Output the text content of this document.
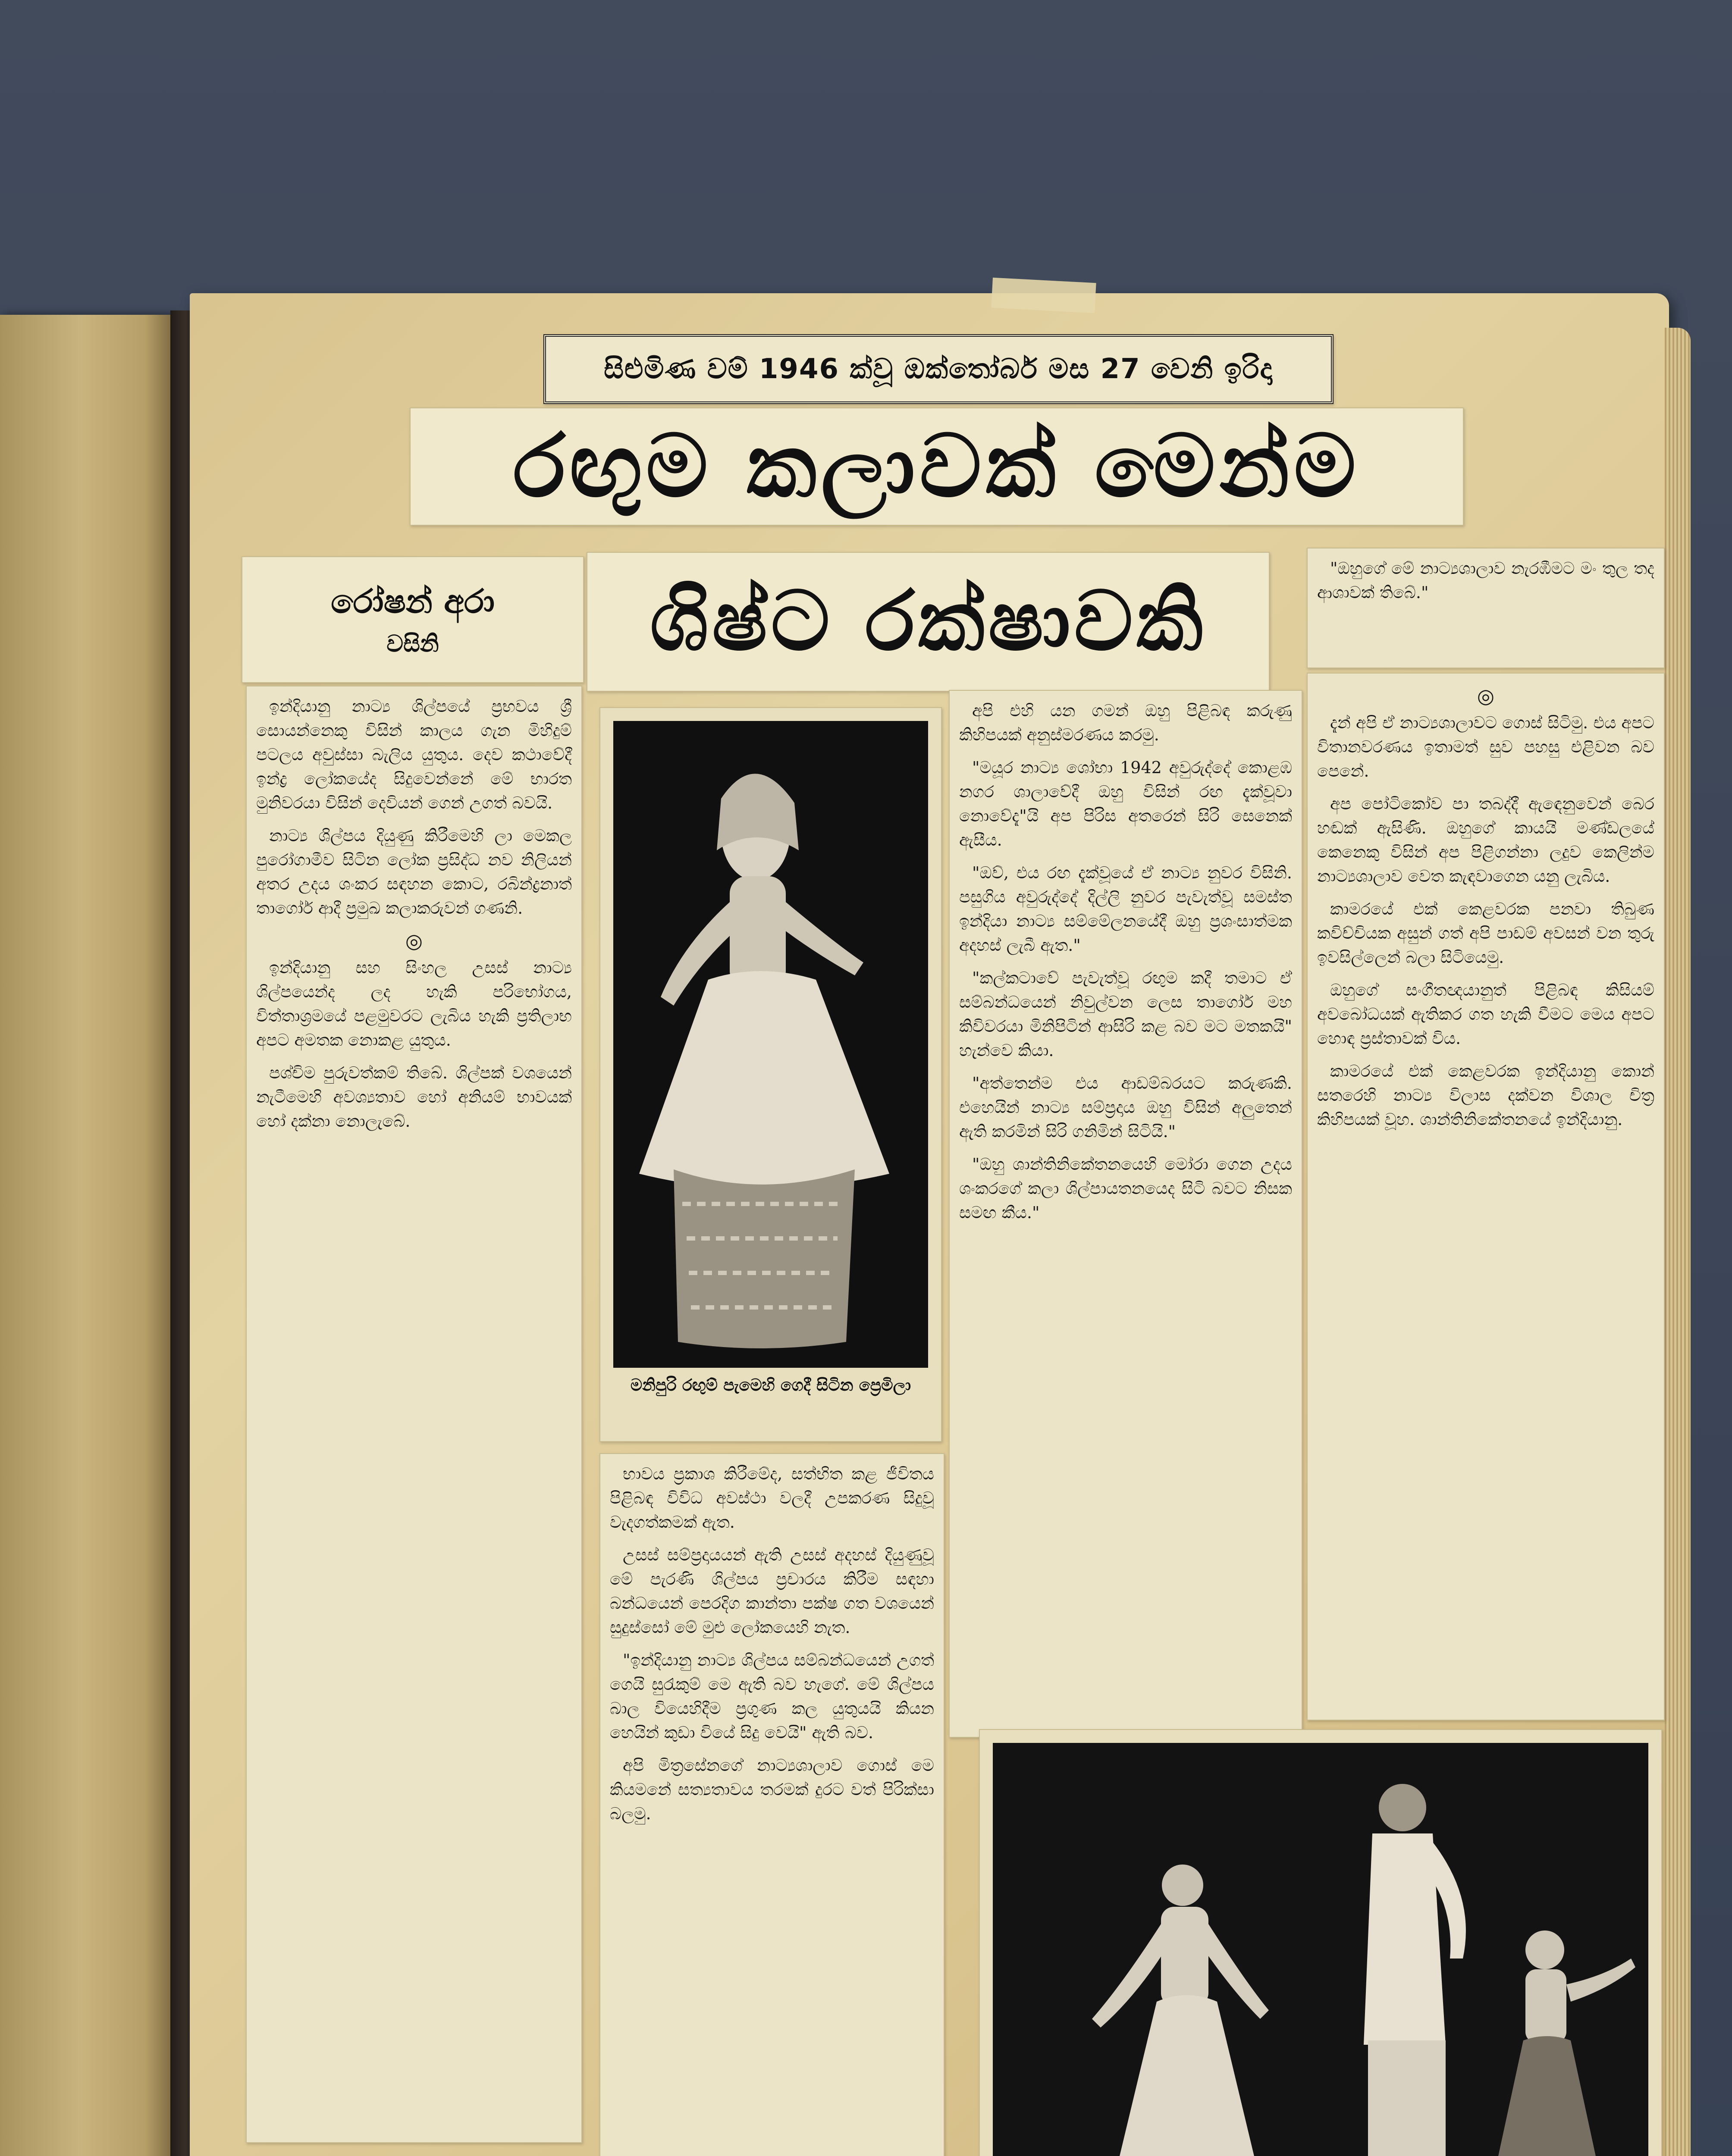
සිළුමිණ වම් 1946 ක්වූ ඔක්තෝබර් මස 27 වෙනි ඉරිදා
රඟුම කලාවක් මෙන්ම
රෝෂන් අරා
වසිනි	ශිෂ්ට රක්ෂාවකි

"ඔහුගේ මේ නාට්‍යශාලාව නැරඹීමට මං තුල තද ආශාවක් තිබේ."

ඉන්දියානු නාට්‍ය ශිල්පයේ ප්‍රභවය ශ්‍රී සොයන්නෙකු විසින් කාලය ගැන මිහිදුම් පටලය අවුස්සා බැලිය යුතුය. දෙව කථාවේදී ඉන්ද්‍ර ලෝකයේද සිදුවෙන්නේ මේ භාරත මුනිවරයා විසින් දෙවියන් ගෙන් උගත් බවයි.

නාට්‍ය ශිල්පය දියුණු කිරීමෙහි ලා මෙකල පුරෝගාමීව සිටින ලෝක ප්‍රසිද්ධ නව නිලියන් අතර උදය ශංකර සඳහන කොට, රබින්ද්‍රනාත් තාගෝර් ආදී ප්‍රමුඛ කලාකරුවන් ගණනි.

◎

ඉන්දියානු සහ සිංහල උසස් නාට්‍ය ශිල්පයෙන්ද ලද හැකි පරිභෝගය, විත්තාශ්‍රමයේ පළමුවරට ලැබිය හැකි ප්‍රතිලාභ අපට අමතක නොකළ යුතුය.

පශ්චිම පුරුවත්කම් තිබේ. ශිල්පක් වශයෙන් නැටීමෙහි අවශ්‍යතාව හෝ අනියම් භාවයක් හෝ දක්නා නොලැබේ.

මනිපුරි රඟුම් පැමෙහි ගෙදී සිටින ප්‍රෙමිලා

භාවය ප්‍රකාශ කිරීමේද, සත්භිත කළ ජීවිතය පිළිබඳ විවිධ අවස්ථා වලදී උපකරණ සිදුවූ වැදගත්කමක් ඇත.

උසස් සම්ප්‍රදායයන් ඇති උසස් අදහස් දියුණුවූ මේ පැරණි ශිල්පය ප්‍රචාරය කිරීම සඳහා බන්ධයෙන් පෙරදිග කාන්තා පක්ෂ ගත වශයෙන් සුදුස්සෝ මේ මුළු ලෝකයෙහි නැත.

"ඉන්දියානු නාට්‍ය ශිල්පය සම්බන්ධයෙන් උගත් ගෙයි සුරැකුම් මෙ ඇති බව හැගේ. මේ ශිල්පය බාල වියෙහිදීම ප්‍රගුණ කල යුතුයයි කියන හෙයින් කුඩා වියේ සිදු වෙයි" ඇති බව.

අපි මිත්‍රසේනගේ නාට්‍යශාලාව ගොස් මෙ කියමනේ සත්‍යතාවය තරමක් දුරට වත් පිරික්සා බලමු.

අපි එහි යන ගමන් ඔහු පිළිබඳ කරුණු කිහිපයක් අනුස්මරණය කරමු.

"මයූර නාට්‍ය ශෝභා 1942 අවුරුද්දේ කොළඹ නගර ශාලාවේදී ඔහු විසින් රඟ දැක්වූවා නොවේදැ"යි අප පිරිස අතරෙන් සිරි සෙනෙක් ඇසීය.

"ඔව්, එය රඟ දැක්වූයේ ඒ නාට්‍ය නුවර විසිනි. පසුගිය අවුරුද්දේ දිල්ලි නුවර පැවැත්වූ සමස්ත ඉන්දියා නාට්‍ය සම්මේලනයේදී ඔහු ප්‍රශංසාත්මක අදහස් ලැබී ඇත."

"කල්කටාවේ පැවැත්වූ රඟුම කදී තමාට ඒ සම්බන්ධයෙන් නිවුල්වන ලෙස තාගෝර් මහ කිවිවරයා මිනිපිටින් ආසිරි කළ බව මට මතකයි" හැන්වෙ කියා.

"අත්තෙන්ම එය ආඩම්බරයට කරුණකි. එහෙයින් නාට්‍ය සම්ප්‍රදාය ඔහු විසින් අලුතෙන් ඇති කරමින් සිරි ගනිමින් සිටියි."

"ඔහු ශාන්තිනිකේතනයෙහි මෝරා ගෙන උදය ශංකරගේ කලා ශිල්පායතනයෙද සිටි බවට නිසක සමඟ කීය."

◎

දැන් අපි ඒ නාට්‍යශාලාවට ගොස් සිටිමු. එය අපට විතානවරණය ඉතාමත් සුව පහසු එළිවන බව පෙනේ.

අප පෝටිකෝව පා තබද්දී ඇඳෙනුවෙන් බෙර හඬක් ඇසිණි. ඔහුගේ කායයි මණ්ඩලයේ කෙනෙකු විසින් අප පිළිගන්නා ලදුව කෙලින්ම නාට්‍යශාලාව වෙත කැඳවාගෙන යනු ලැබිය.

කාමරයේ එක් කෙළවරක පනවා තිබුණ කවිච්චියක අසුන් ගත් අපි පාඩම් අවසන් වන තුරු ඉවසිල්ලෙන් බලා සිටියෙමු.

ඔහුගේ සංගීතඥයානුත් පිළිබඳ කිසියම් අවබෝධයක් ඇතිකර ගත හැකි වීමට මෙය අපට හොඳ ප්‍රස්තාවක් විය.

කාමරයේ එක් කෙළවරක ඉන්දියානු කොන් සතරෙහි නාට්‍ය විලාස දක්වන විශාල චිත්‍ර කිහිපයක් වූහ. ශාන්තිනිකේතනයේ ඉන්දියානු.
